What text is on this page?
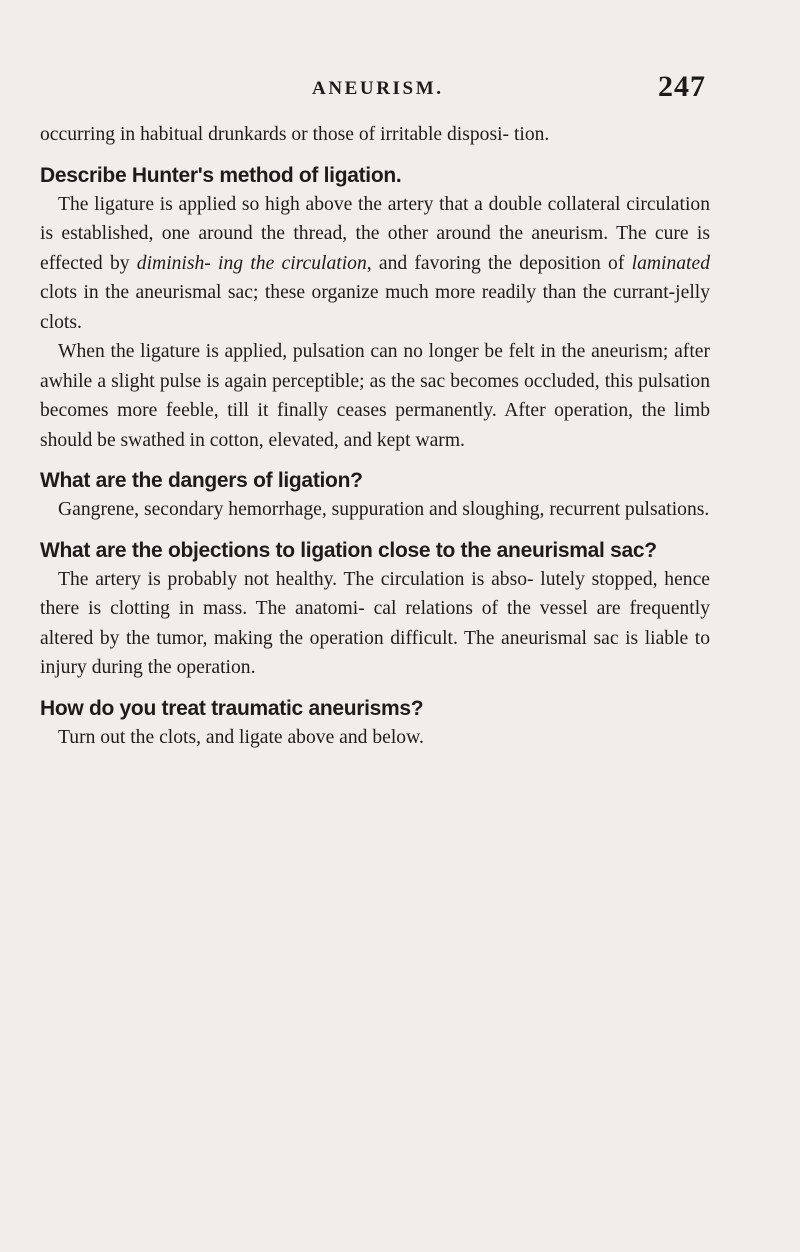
ANEURISM.	247

occurring in habitual drunkards or those of irritable disposi- tion.

Describe Hunter's method of ligation.

The ligature is applied so high above the artery that a double collateral circulation is established, one around the thread, the other around the aneurism. The cure is effected by diminish- ing the circulation, and favoring the deposition of laminated clots in the aneurismal sac; these organize much more readily than the currant-jelly clots.

When the ligature is applied, pulsation can no longer be felt in the aneurism; after awhile a slight pulse is again perceptible; as the sac becomes occluded, this pulsation becomes more feeble, till it finally ceases permanently. After operation, the limb should be swathed in cotton, elevated, and kept warm.

What are the dangers of ligation?

Gangrene, secondary hemorrhage, suppuration and sloughing, recurrent pulsations.

What are the objections to ligation close to the aneurismal sac?

The artery is probably not healthy. The circulation is abso- lutely stopped, hence there is clotting in mass. The anatomi- cal relations of the vessel are frequently altered by the tumor, making the operation difficult. The aneurismal sac is liable to injury during the operation.

How do you treat traumatic aneurisms?

Turn out the clots, and ligate above and below.
